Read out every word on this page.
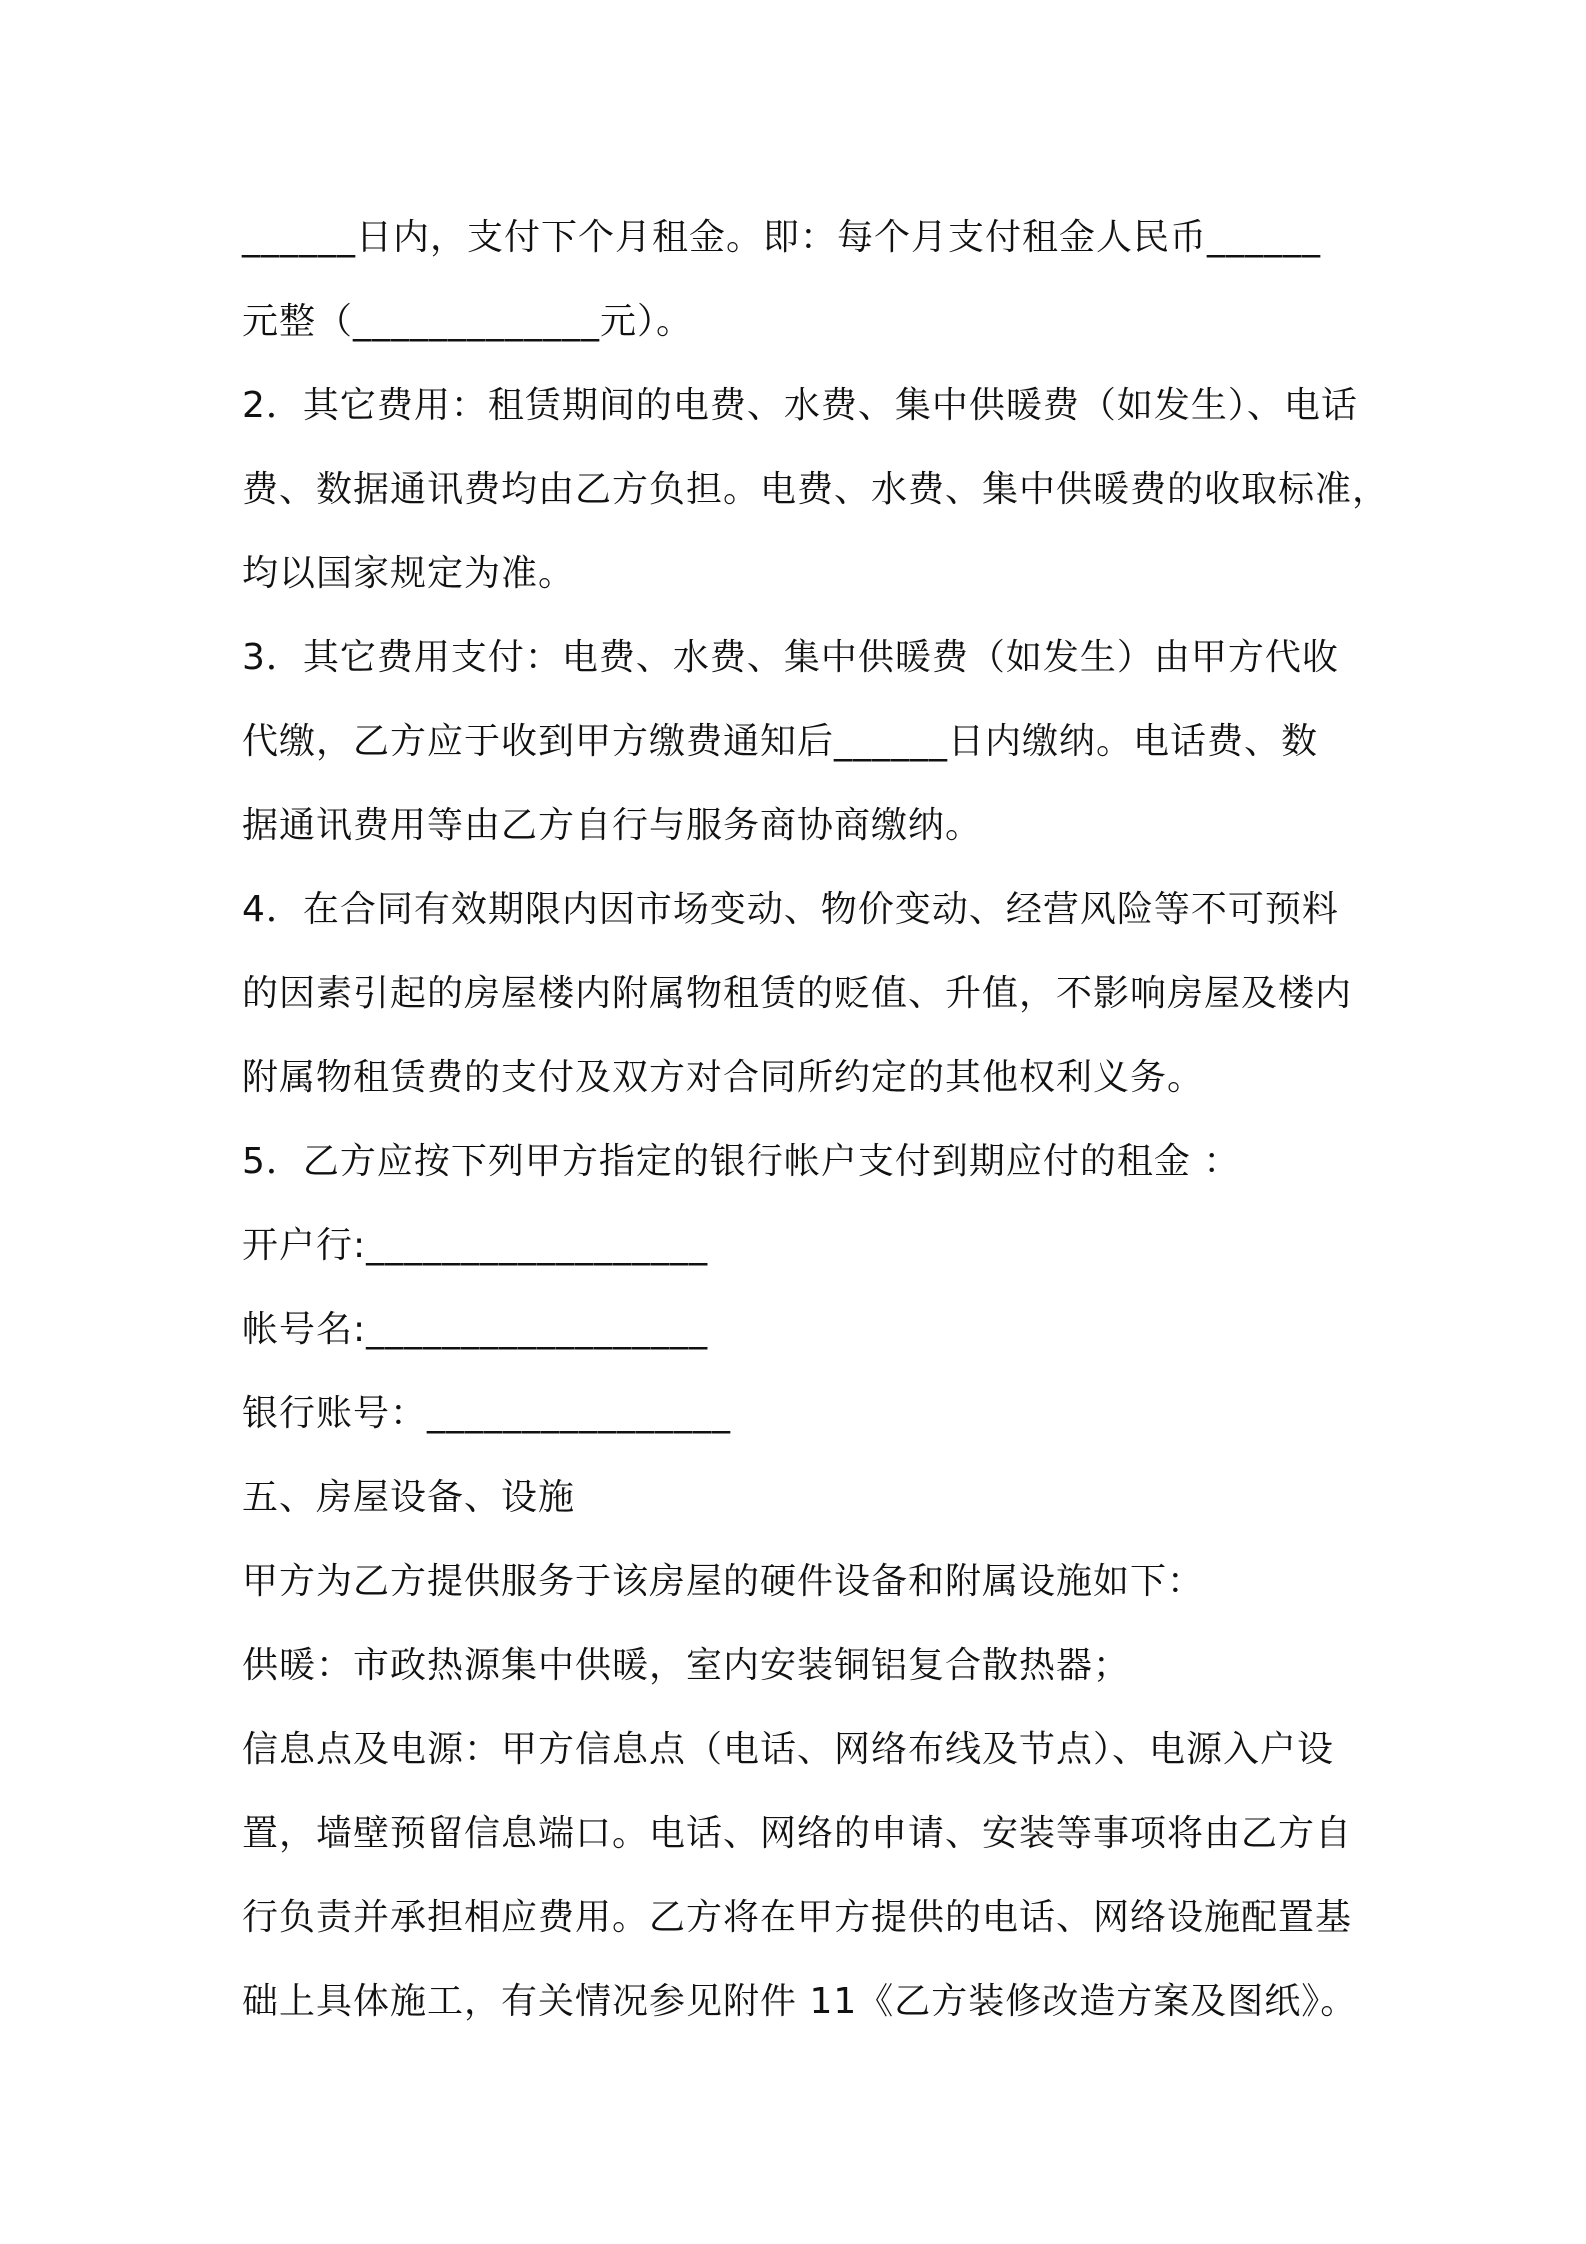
______日内，支付下个月租金。即：每个月支付租金人民币______
元整（_____________元）。
2．其它费用：租赁期间的电费、水费、集中供暖费（如发生）、电话
费、数据通讯费均由乙方负担。电费、水费、集中供暖费的收取标准，
均以国家规定为准。
3．其它费用支付：电费、水费、集中供暖费（如发生）由甲方代收
代缴，乙方应于收到甲方缴费通知后______日内缴纳。电话费、数
据通讯费用等由乙方自行与服务商协商缴纳。
4．在合同有效期限内因市场变动、物价变动、经营风险等不可预料
的因素引起的房屋楼内附属物租赁的贬值、升值，不影响房屋及楼内
附属物租赁费的支付及双方对合同所约定的其他权利义务。
5．乙方应按下列甲方指定的银行帐户支付到期应付的租金 ：
开户行:__________________
帐号名:__________________
银行账号：________________
五、房屋设备、设施
甲方为乙方提供服务于该房屋的硬件设备和附属设施如下：
供暖：市政热源集中供暖，室内安装铜铝复合散热器；
信息点及电源：甲方信息点（电话、网络布线及节点）、电源入户设
置，墙壁预留信息端口。电话、网络的申请、安装等事项将由乙方自
行负责并承担相应费用。乙方将在甲方提供的电话、网络设施配置基
础上具体施工，有关情况参见附件 11《乙方装修改造方案及图纸》。
